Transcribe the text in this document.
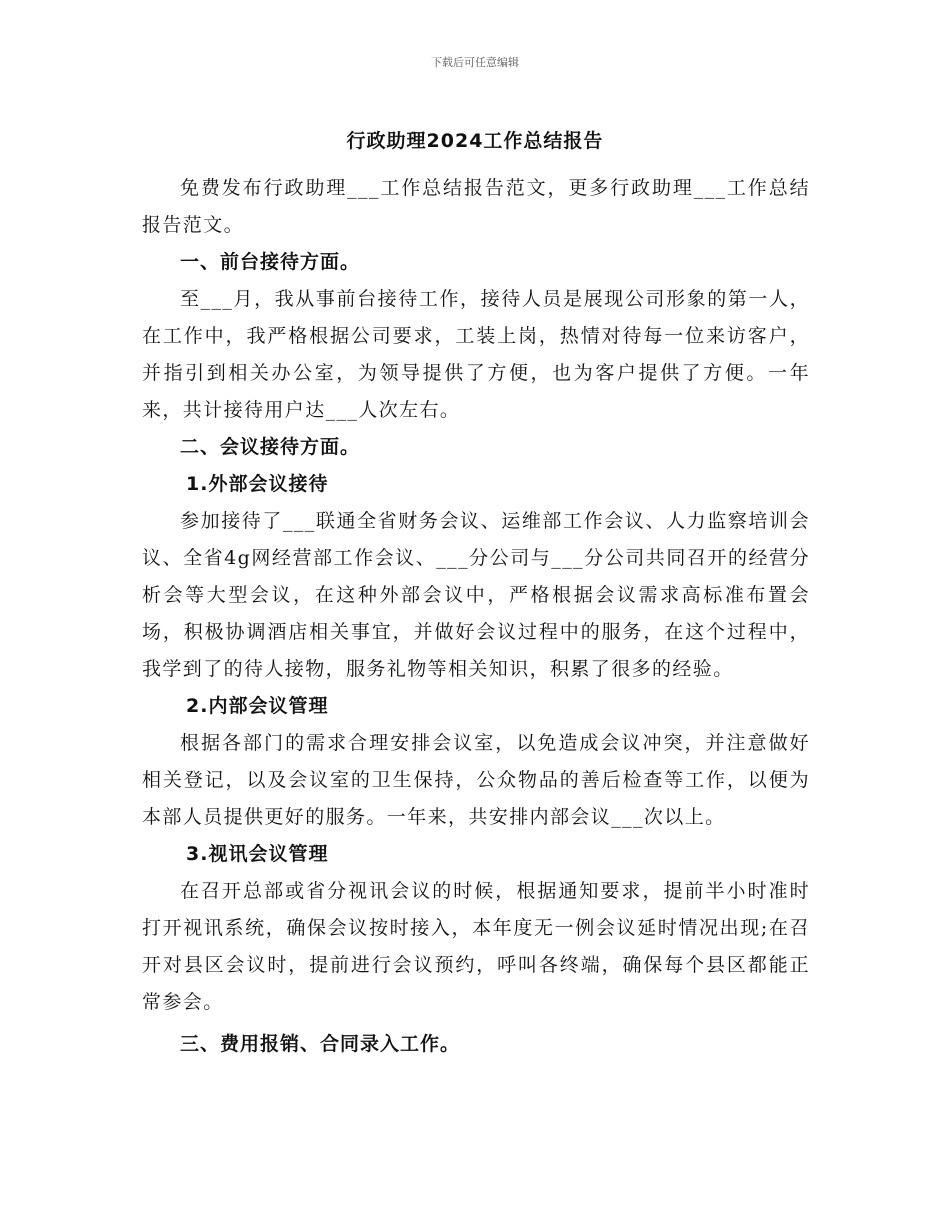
下载后可任意编辑
行政助理2024工作总结报告

免费发布行政助理___工作总结报告范文，更多行政助理___工作总结报告范文。

一、前台接待方面。

至___月，我从事前台接待工作，接待人员是展现公司形象的第一人，在工作中，我严格根据公司要求，工装上岗，热情对待每一位来访客户，并指引到相关办公室，为领导提供了方便，也为客户提供了方便。一年来，共计接待用户达___人次左右。

二、会议接待方面。

1.外部会议接待

参加接待了___联通全省财务会议、运维部工作会议、人力监察培训会议、全省4g网经营部工作会议、___分公司与___分公司共同召开的经营分析会等大型会议，在这种外部会议中，严格根据会议需求高标准布置会场，积极协调酒店相关事宜，并做好会议过程中的服务，在这个过程中，我学到了的待人接物，服务礼物等相关知识，积累了很多的经验。

2.内部会议管理

根据各部门的需求合理安排会议室，以免造成会议冲突，并注意做好相关登记，以及会议室的卫生保持，公众物品的善后检查等工作，以便为本部人员提供更好的服务。一年来，共安排内部会议___次以上。

3.视讯会议管理

在召开总部或省分视讯会议的时候，根据通知要求，提前半小时准时打开视讯系统，确保会议按时接入，本年度无一例会议延时情况出现;在召开对县区会议时，提前进行会议预约，呼叫各终端，确保每个县区都能正常参会。

三、费用报销、合同录入工作。
